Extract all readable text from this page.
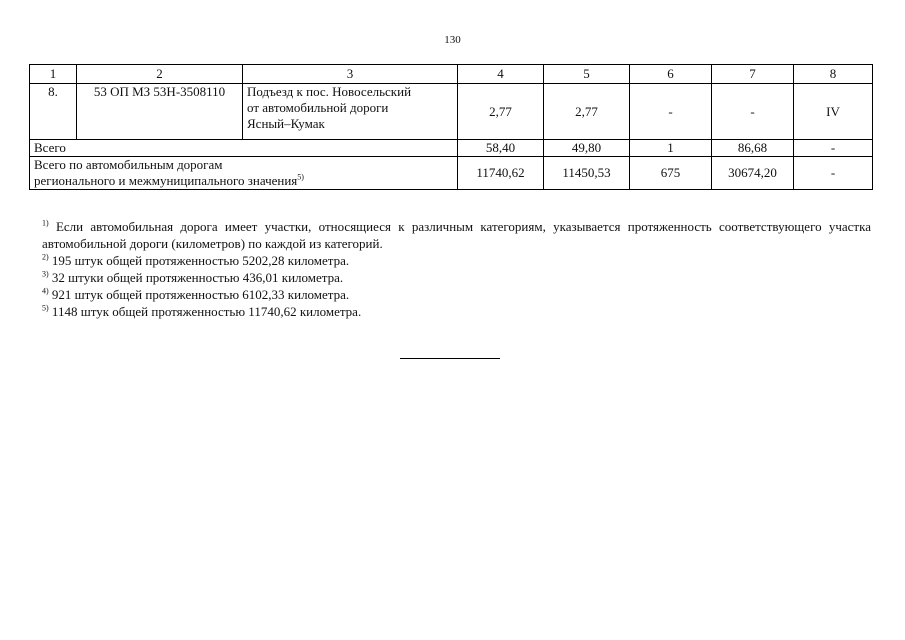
130
1	2	3	4	5	6	7	8
8.	53 ОП МЗ 53Н-3508110	Подъезд к пос. Новосельский
от автомобильной дороги
Ясный–Кумак	2,77	2,77	-	-	IV
Всего			58,40	49,80	1	86,68	-

Всего по автомобильным дорогам
регионального и межмуниципального значения$^{5)}$			11740,62	11450,53	675	30674,20	-

$^{1)}$ Если автомобильная дорога имеет участки, относящиеся к различным категориям, указывается протяженность соответствующего участка автомобильной дороги (километров) по каждой из категорий.

$^{2)}$ 195 штук общей протяженностью 5202,28 километра.

$^{3)}$ 32 штуки общей протяженностью 436,01 километра.

$^{4)}$ 921 штук общей протяженностью 6102,33 километра.

$^{5)}$ 1148 штук общей протяженностью 11740,62 километра.
